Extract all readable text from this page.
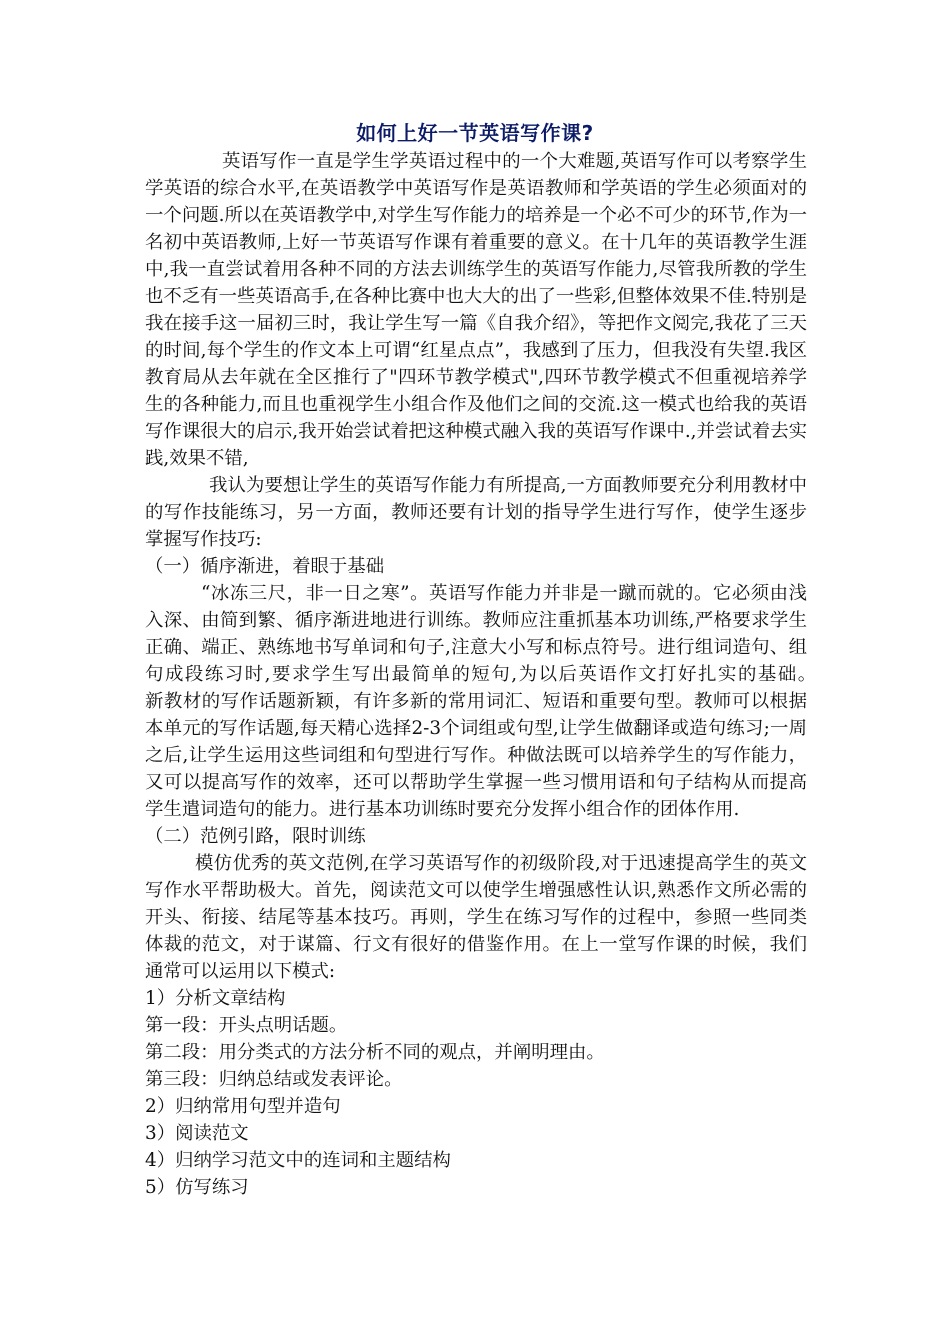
如何上好一节英语写作课?

英语写作一直是学生学英语过程中的一个大难题,英语写作可以考察学生学英语的综合水平,在英语教学中英语写作是英语教师和学英语的学生必须面对的一个问题.所以在英语教学中,对学生写作能力的培养是一个必不可少的环节,作为一名初中英语教师,上好一节英语写作课有着重要的意义。在十几年的英语教学生涯中,我一直尝试着用各种不同的方法去训练学生的英语写作能力,尽管我所教的学生也不乏有一些英语高手,在各种比赛中也大大的出了一些彩,但整体效果不佳.特别是我在接手这一届初三时，我让学生写一篇《自我介绍》，等把作文阅完,我花了三天的时间,每个学生的作文本上可谓“红星点点”，我感到了压力，但我没有失望.我区教育局从去年就在全区推行了"四环节教学模式",四环节教学模式不但重视培养学生的各种能力,而且也重视学生小组合作及他们之间的交流.这一模式也给我的英语写作课很大的启示,我开始尝试着把这种模式融入我的英语写作课中.,并尝试着去实践,效果不错,

我认为要想让学生的英语写作能力有所提高,一方面教师要充分利用教材中的写作技能练习，另一方面，教师还要有计划的指导学生进行写作，使学生逐步掌握写作技巧:

（一）循序渐进，着眼于基础

“冰冻三尺，非一日之寒”。英语写作能力并非是一蹴而就的。它必须由浅入深、由简到繁、循序渐进地进行训练。教师应注重抓基本功训练,严格要求学生正确、端正、熟练地书写单词和句子,注意大小写和标点符号。进行组词造句、组句成段练习时,要求学生写出最简单的短句,为以后英语作文打好扎实的基础。　　新教材的写作话题新颖，有许多新的常用词汇、短语和重要句型。教师可以根据本单元的写作话题,每天精心选择2-3个词组或句型,让学生做翻译或造句练习;一周之后,让学生运用这些词组和句型进行写作。种做法既可以培养学生的写作能力，又可以提高写作的效率，还可以帮助学生掌握一些习惯用语和句子结构从而提高学生遣词造句的能力。进行基本功训练时要充分发挥小组合作的团体作用.

（二）范例引路，限时训练

模仿优秀的英文范例,在学习英语写作的初级阶段,对于迅速提高学生的英文写作水平帮助极大。首先，阅读范文可以使学生增强感性认识,熟悉作文所必需的开头、衔接、结尾等基本技巧。再则，学生在练习写作的过程中，参照一些同类体裁的范文，对于谋篇、行文有很好的借鉴作用。在上一堂写作课的时候，我们通常可以运用以下模式:

1）分析文章结构
第一段：开头点明话题。
第二段：用分类式的方法分析不同的观点，并阐明理由。
第三段：归纳总结或发表评论。
2）归纳常用句型并造句
3）阅读范文
4）归纳学习范文中的连词和主题结构
5）仿写练习
